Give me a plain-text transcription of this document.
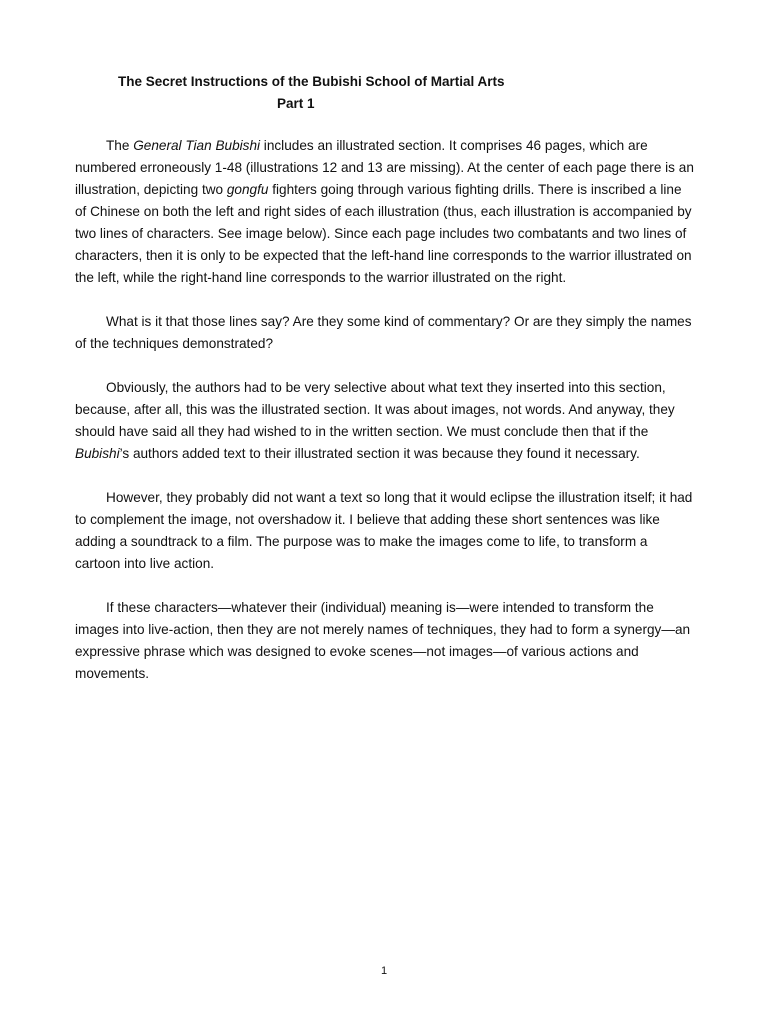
The Secret Instructions of the Bubishi School of Martial Arts
Part 1

The General Tian Bubishi includes an illustrated section. It comprises 46 pages, which are numbered erroneously 1-48 (illustrations 12 and 13 are missing). At the center of each page there is an illustration, depicting two gongfu fighters going through various fighting drills. There is inscribed a line of Chinese on both the left and right sides of each illustration (thus, each illustration is accompanied by two lines of characters. See image below). Since each page includes two combatants and two lines of characters, then it is only to be expected that the left-hand line corresponds to the warrior illustrated on the left, while the right-hand line corresponds to the warrior illustrated on the right.

What is it that those lines say? Are they some kind of commentary? Or are they simply the names of the techniques demonstrated?

Obviously, the authors had to be very selective about what text they inserted into this section, because, after all, this was the illustrated section. It was about images, not words. And anyway, they should have said all they had wished to in the written section. We must conclude then that if the Bubishi’s authors added text to their illustrated section it was because they found it necessary.

However, they probably did not want a text so long that it would eclipse the illustration itself; it had to complement the image, not overshadow it. I believe that adding these short sentences was like adding a soundtrack to a film. The purpose was to make the images come to life, to transform a cartoon into live action.

If these characters—whatever their (individual) meaning is—were intended to transform the images into live-action, then they are not merely names of techniques, they had to form a synergy—an expressive phrase which was designed to evoke scenes—not images—of various actions and movements.

1
